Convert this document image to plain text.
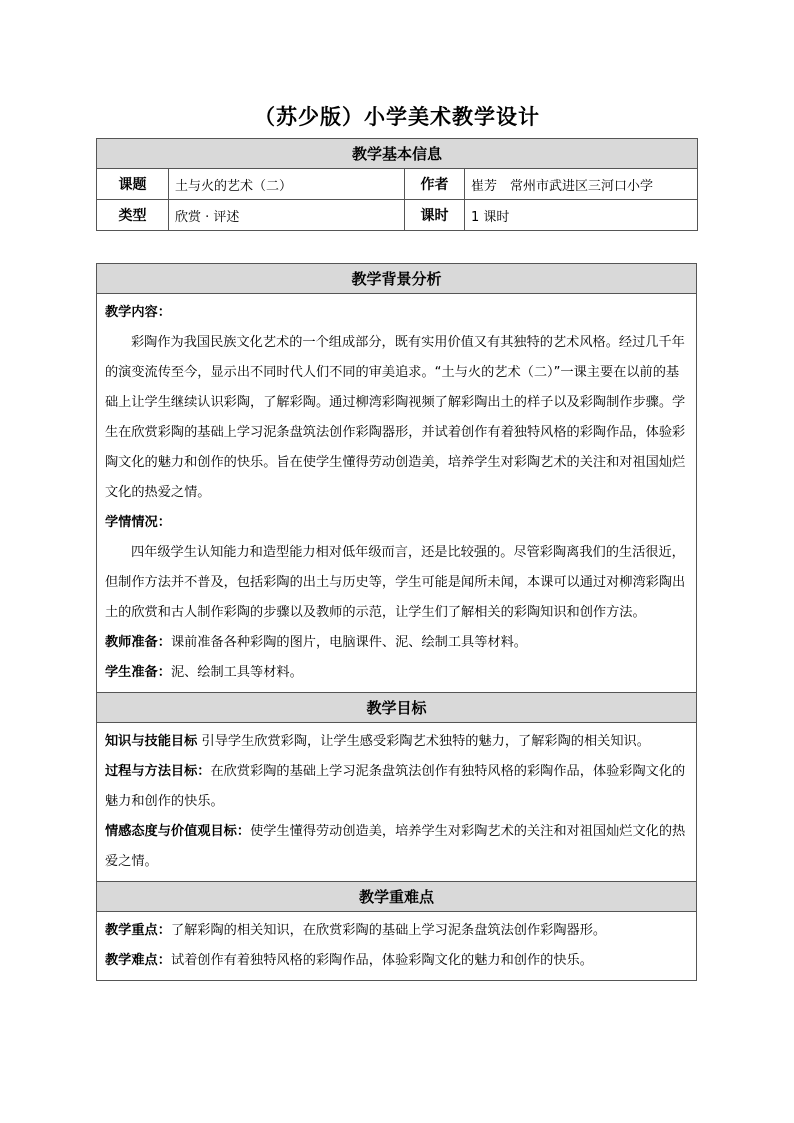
（苏少版）小学美术教学设计
教学基本信息			
课题	土与火的艺术（二）	作者	崔芳　常州市武进区三河口小学
类型	欣赏 · 评述	课时	1 课时
教学背景分析

教学内容：

彩陶作为我国民族文化艺术的一个组成部分，既有实用价值又有其独特的艺术风格。经过几千年的演变流传至今，显示出不同时代人们不同的审美追求。“土与火的艺术（二）”一课主要在以前的基础上让学生继续认识彩陶，了解彩陶。通过柳湾彩陶视频了解彩陶出土的样子以及彩陶制作步骤。学生在欣赏彩陶的基础上学习泥条盘筑法创作彩陶器形，并试着创作有着独特风格的彩陶作品，体验彩陶文化的魅力和创作的快乐。旨在使学生懂得劳动创造美，培养学生对彩陶艺术的关注和对祖国灿烂文化的热爱之情。

学情情况：

四年级学生认知能力和造型能力相对低年级而言，还是比较强的。尽管彩陶离我们的生活很近，但制作方法并不普及，包括彩陶的出土与历史等，学生可能是闻所未闻，本课可以通过对柳湾彩陶出土的欣赏和古人制作彩陶的步骤以及教师的示范，让学生们了解相关的彩陶知识和创作方法。

教师准备：课前准备各种彩陶的图片，电脑课件、泥、绘制工具等材料。

学生准备：泥、绘制工具等材料。

教学目标

知识与技能目标 引导学生欣赏彩陶，让学生感受彩陶艺术独特的魅力，了解彩陶的相关知识。

过程与方法目标：在欣赏彩陶的基础上学习泥条盘筑法创作有独特风格的彩陶作品，体验彩陶文化的魅力和创作的快乐。

情感态度与价值观目标：使学生懂得劳动创造美，培养学生对彩陶艺术的关注和对祖国灿烂文化的热爱之情。

教学重难点

教学重点：了解彩陶的相关知识，在欣赏彩陶的基础上学习泥条盘筑法创作彩陶器形。

教学难点：试着创作有着独特风格的彩陶作品，体验彩陶文化的魅力和创作的快乐。
